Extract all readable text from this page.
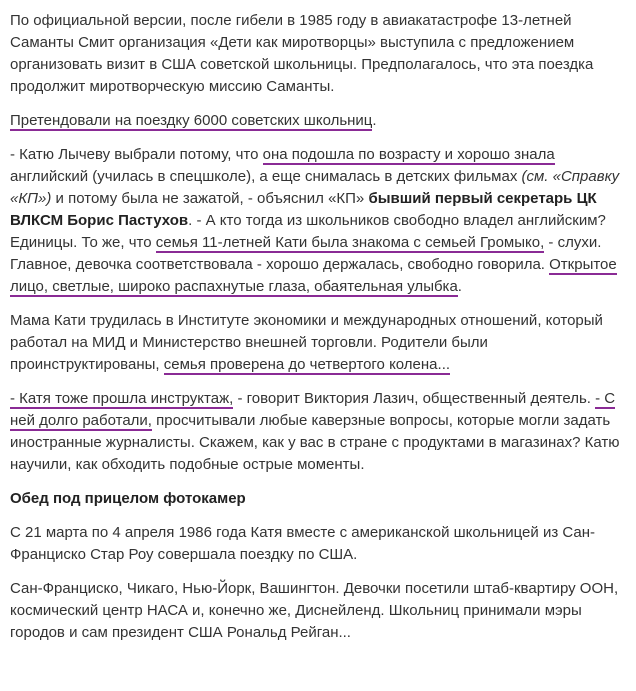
По официальной версии, после гибели в 1985 году в авиакатастрофе 13-летней Саманты Смит организация «Дети как миротворцы» выступила с предложением организовать визит в США советской школьницы. Предполагалось, что эта поездка продолжит миротворческую миссию Саманты.

Претендовали на поездку 6000 советских школьниц.

- Катю Лычеву выбрали потому, что она подошла по возрасту и хорошо знала английский (училась в спецшколе), а еще снималась в детских фильмах (см. «Справку «КП») и потому была не зажатой, - объяснил «КП» бывший первый секретарь ЦК ВЛКСМ Борис Пастухов. - А кто тогда из школьников свободно владел английским? Единицы. То же, что семья 11-летней Кати была знакома с семьей Громыко, - слухи. Главное, девочка соответствовала - хорошо держалась, свободно говорила. Открытое лицо, светлые, широко распахнутые глаза, обаятельная улыбка.

Мама Кати трудилась в Институте экономики и международных отношений, который работал на МИД и Министерство внешней торговли. Родители были проинструктированы, семья проверена до четвертого колена...

- Катя тоже прошла инструктаж, - говорит Виктория Лазич, общественный деятель. - С ней долго работали, просчитывали любые каверзные вопросы, которые могли задать иностранные журналисты. Скажем, как у вас в стране с продуктами в магазинах? Катю научили, как обходить подобные острые моменты.

Обед под прицелом фотокамер

С 21 марта по 4 апреля 1986 года Катя вместе с американской школьницей из Сан-Франциско Стар Роу совершала поездку по США.

Сан-Франциско, Чикаго, Нью-Йорк, Вашингтон. Девочки посетили штаб-квартиру ООН, космический центр НАСА и, конечно же, Диснейленд. Школьниц принимали мэры городов и сам президент США Рональд Рейган...
